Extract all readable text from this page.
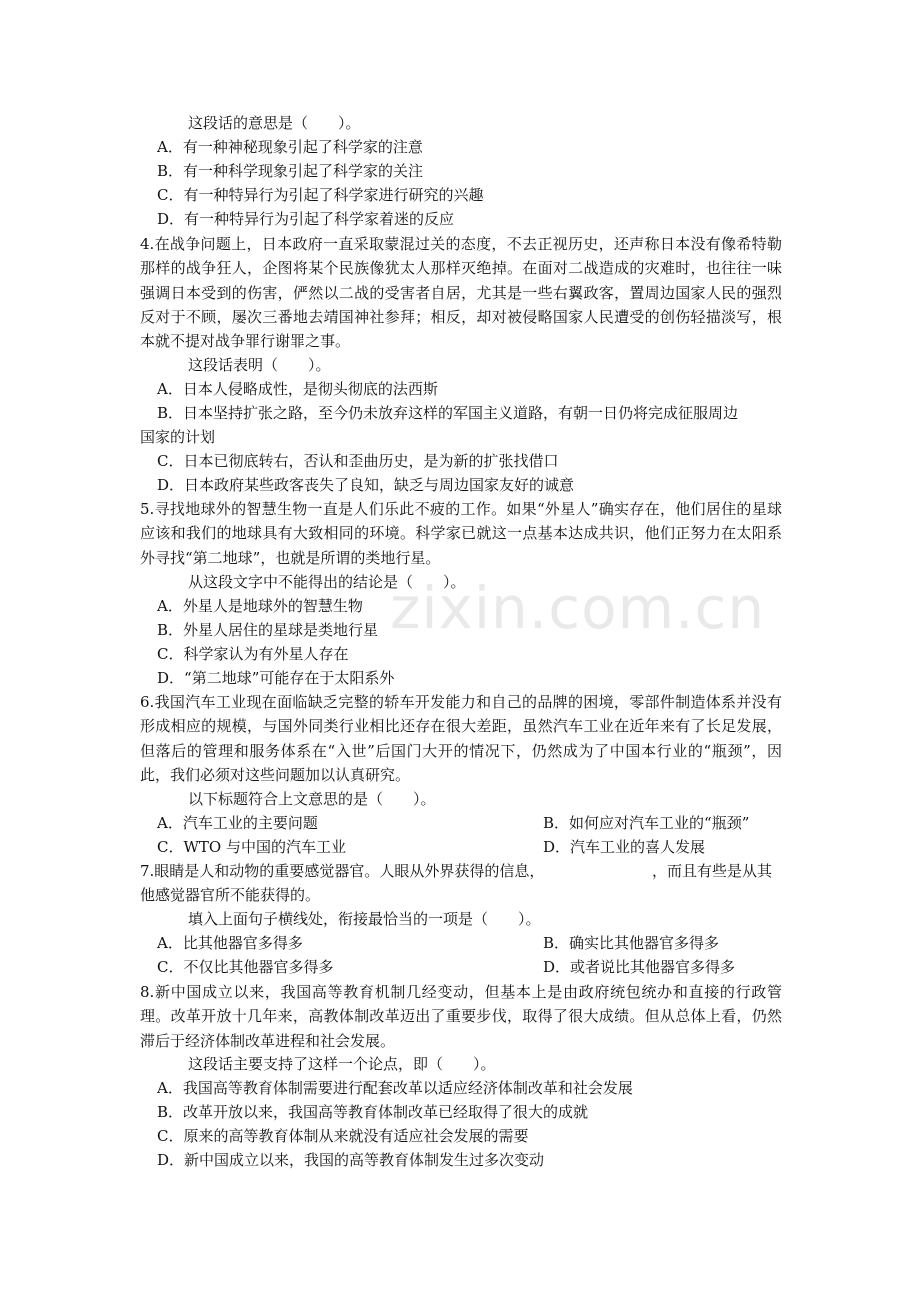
zixin.com.cn
这段话的意思是（　　）。
A．有一种神秘现象引起了科学家的注意
B．有一种科学现象引起了科学家的关注
C．有一种特异行为引起了科学家进行研究的兴趣
D．有一种特异行为引起了科学家着迷的反应
4.在战争问题上，日本政府一直采取蒙混过关的态度，不去正视历史，还声称日本没有像希特勒那样的战争狂人，企图将某个民族像犹太人那样灭绝掉。在面对二战造成的灾难时，也往往一味强调日本受到的伤害，俨然以二战的受害者自居，尤其是一些右翼政客，置周边国家人民的强烈反对于不顾，屡次三番地去靖国神社参拜；相反，却对被侵略国家人民遭受的创伤轻描淡写，根本就不提对战争罪行谢罪之事。
这段话表明（　　）。
A．日本人侵略成性，是彻头彻底的法西斯
B．日本坚持扩张之路，至今仍未放弃这样的军国主义道路，有朝一日仍将完成征服周边
国家的计划
C．日本已彻底转右，否认和歪曲历史，是为新的扩张找借口
D．日本政府某些政客丧失了良知，缺乏与周边国家友好的诚意
5.寻找地球外的智慧生物一直是人们乐此不疲的工作。如果“外星人”确实存在，他们居住的星球应该和我们的地球具有大致相同的环境。科学家已就这一点基本达成共识，他们正努力在太阳系外寻找“第二地球”，也就是所谓的类地行星。
从这段文字中不能得出的结论是（　　）。
A．外星人是地球外的智慧生物
B．外星人居住的星球是类地行星
C．科学家认为有外星人存在
D．“第二地球”可能存在于太阳系外
6.我国汽车工业现在面临缺乏完整的轿车开发能力和自己的品牌的困境，零部件制造体系并没有形成相应的规模，与国外同类行业相比还存在很大差距，虽然汽车工业在近年来有了长足发展，但落后的管理和服务体系在“入世”后国门大开的情况下，仍然成为了中国本行业的“瓶颈”，因此，我们必须对这些问题加以认真研究。
以下标题符合上文意思的是（　　）。
A．汽车工业的主要问题	B．如何应对汽车工业的“瓶颈”
C．WTO 与中国的汽车工业	D．汽车工业的喜人发展
7.眼睛是人和动物的重要感觉器官。人眼从外界获得的信息，	，而且有些是从其
他感觉器官所不能获得的。
填入上面句子横线处，衔接最恰当的一项是（　　）。
A．比其他器官多得多	B．确实比其他器官多得多
C．不仅比其他器官多得多	D．或者说比其他器官多得多
8.新中国成立以来，我国高等教育机制几经变动，但基本上是由政府统包统办和直接的行政管理。改革开放十几年来，高教体制改革迈出了重要步伐，取得了很大成绩。但从总体上看，仍然滞后于经济体制改革进程和社会发展。
这段话主要支持了这样一个论点，即（　　）。
A．我国高等教育体制需要进行配套改革以适应经济体制改革和社会发展
B．改革开放以来，我国高等教育体制改革已经取得了很大的成就
C．原来的高等教育体制从来就没有适应社会发展的需要
D．新中国成立以来，我国的高等教育体制发生过多次变动
